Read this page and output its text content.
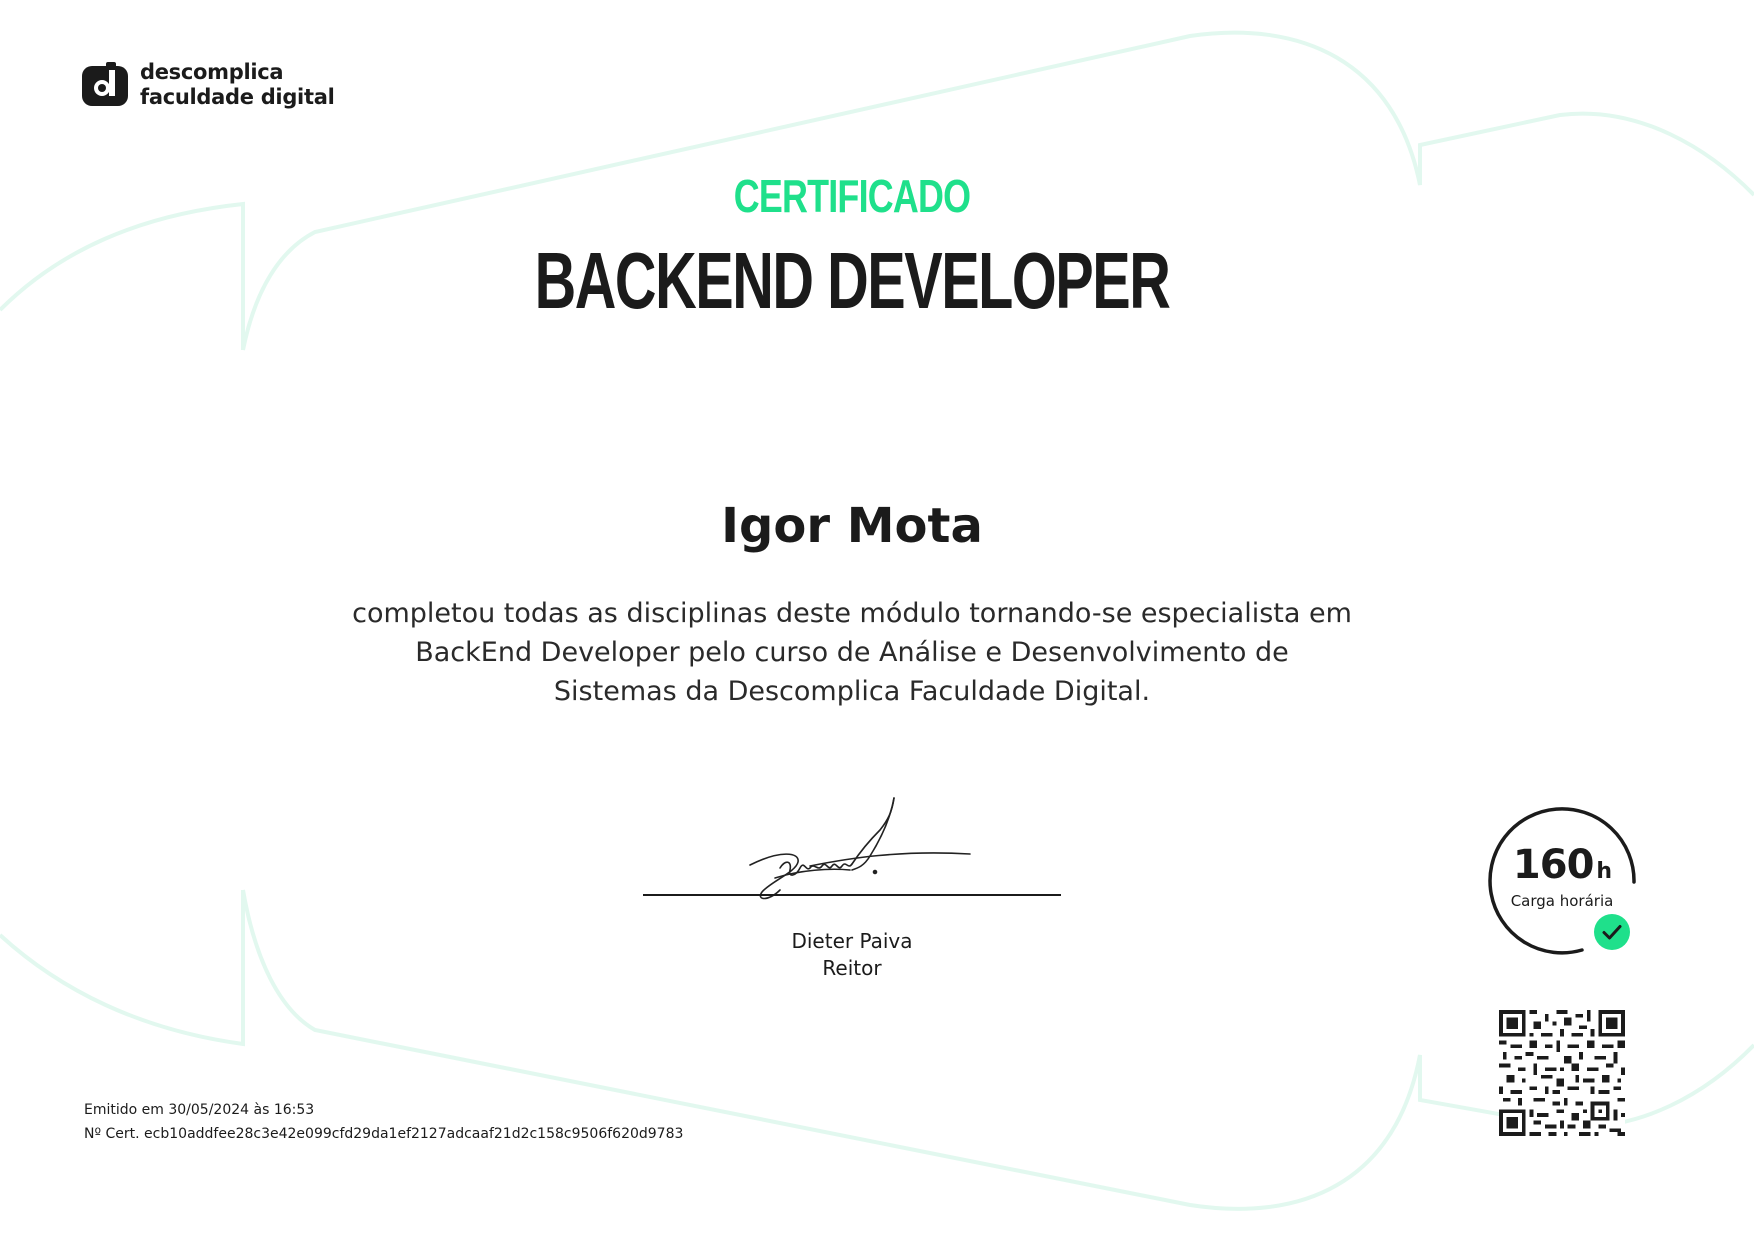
descomplica
faculdade digital
CERTIFICADO
BACKEND DEVELOPER
Igor Mota
completou todas as disciplinas deste módulo tornando-se especialista em BackEnd Developer pelo curso de Análise e Desenvolvimento de Sistemas da Descomplica Faculdade Digital.
Dieter Paiva
Reitor
160 h
Carga horária
Emitido em 30/05/2024 às 16:53
Nº Cert. ecb10addfee28c3e42e099cfd29da1ef2127adcaaf21d2c158c9506f620d9783
